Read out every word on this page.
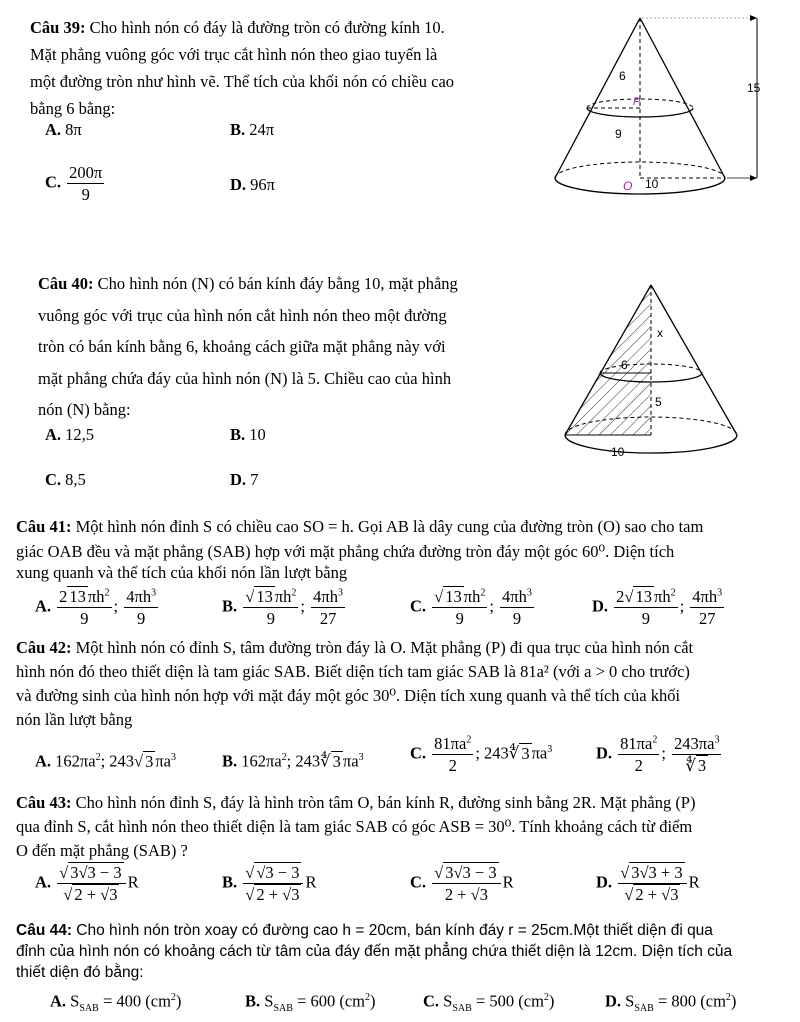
Câu 39: Cho hình nón có đáy là đường tròn có đường kính 10.
Mặt phẳng vuông góc với trục cắt hình nón theo giao tuyến là
một đường tròn như hình vẽ. Thể tích của khối nón có chiều cao
bằng 6 bằng:
A. 8π	B. 24π
C. $\frac{200\pi}{9}$	D. 96π
6
P
9
O 10
15
Câu 40: Cho hình nón (N) có bán kính đáy bằng 10, mặt phẳng
vuông góc với trục của hình nón cắt hình nón theo một đường
tròn có bán kính bằng 6, khoảng cách giữa mặt phẳng này với
mặt phẳng chứa đáy của hình nón (N) là 5. Chiều cao của hình
nón (N) bằng:
A. 12,5	B. 10
C. 8,5	D. 7
x
6
5
10
Câu 41: Một hình nón đỉnh S có chiều cao SO = h. Gọi AB là dây cung của đường tròn (O) sao cho tam
giác OAB đều và mặt phẳng (SAB) hợp với mặt phẳng chứa đường tròn đáy một góc 60⁰. Diện tích
xung quanh và thể tích của khối nón lần lượt bằng
A. $\frac{2 13 \pi h^2}{9}$ ; $\frac{4\pi h^3}{9}$	B. $\frac{√ 13 \pi h^2}{9}$ ; $\frac{4\pi h^3}{27}$	C. $\frac{√ 13 \pi h^2}{9}$ ; $\frac{4\pi h^3}{9}$	D. $\frac{2√ 13 \pi h^2}{9}$ ; $\frac{4\pi h^3}{27}$
Câu 42: Một hình nón có đỉnh S, tâm đường tròn đáy là O. Mặt phẳng (P) đi qua trục của hình nón cắt
hình nón đó theo thiết diện là tam giác SAB. Biết diện tích tam giác SAB là 81a² (với a > 0 cho trước)
và đường sinh của hình nón hợp với mặt đáy một góc 30⁰. Diện tích xung quanh và thể tích của khối
nón lần lượt bằng
A. $162\pi a^2$; 243√ 3 $\pi a^3$	B. $162\pi a^2$; 243∜ 3 $\pi a^3$	C. $\frac{81\pi a^2}{2}$ ; 243∜ 3 $\pi a^3$	D. $\frac{81\pi a^2}{2}$ ; $\frac{243\pi a^3}{∜ 3}$
Câu 43: Cho hình nón đỉnh S, đáy là hình tròn tâm O, bán kính R, đường sinh bằng 2R. Mặt phẳng (P)
qua đỉnh S, cắt hình nón theo thiết diện là tam giác SAB có góc ASB = 30⁰. Tính khoảng cách từ điểm
O đến mặt phẳng (SAB) ?
A. $\frac{√ 3√3 - 3}{√ 2 + √3}$ R	B. $\frac{√ √3 - 3}{√ 2 + √3}$ R	C. $\frac{√ 3√3 - 3}{2 + √3}$ R	D. $\frac{√ 3√3 + 3}{√ 2 + √3}$ R
Câu 44: Cho hình nón tròn xoay có đường cao h = 20cm, bán kính đáy r = 25cm.Một thiết diện đi qua
đỉnh của hình nón có khoảng cách từ tâm của đáy đến mặt phẳng chứa thiết diện là 12cm. Diện tích của
thiết diện đó bằng:
A. $S_{SAB} = 400$ $(cm^2)$	B. $S_{SAB} = 600$ $(cm^2)$	C. $S_{SAB} = 500$ $(cm^2)$	D. $S_{SAB} = 800$ $(cm^2)$
